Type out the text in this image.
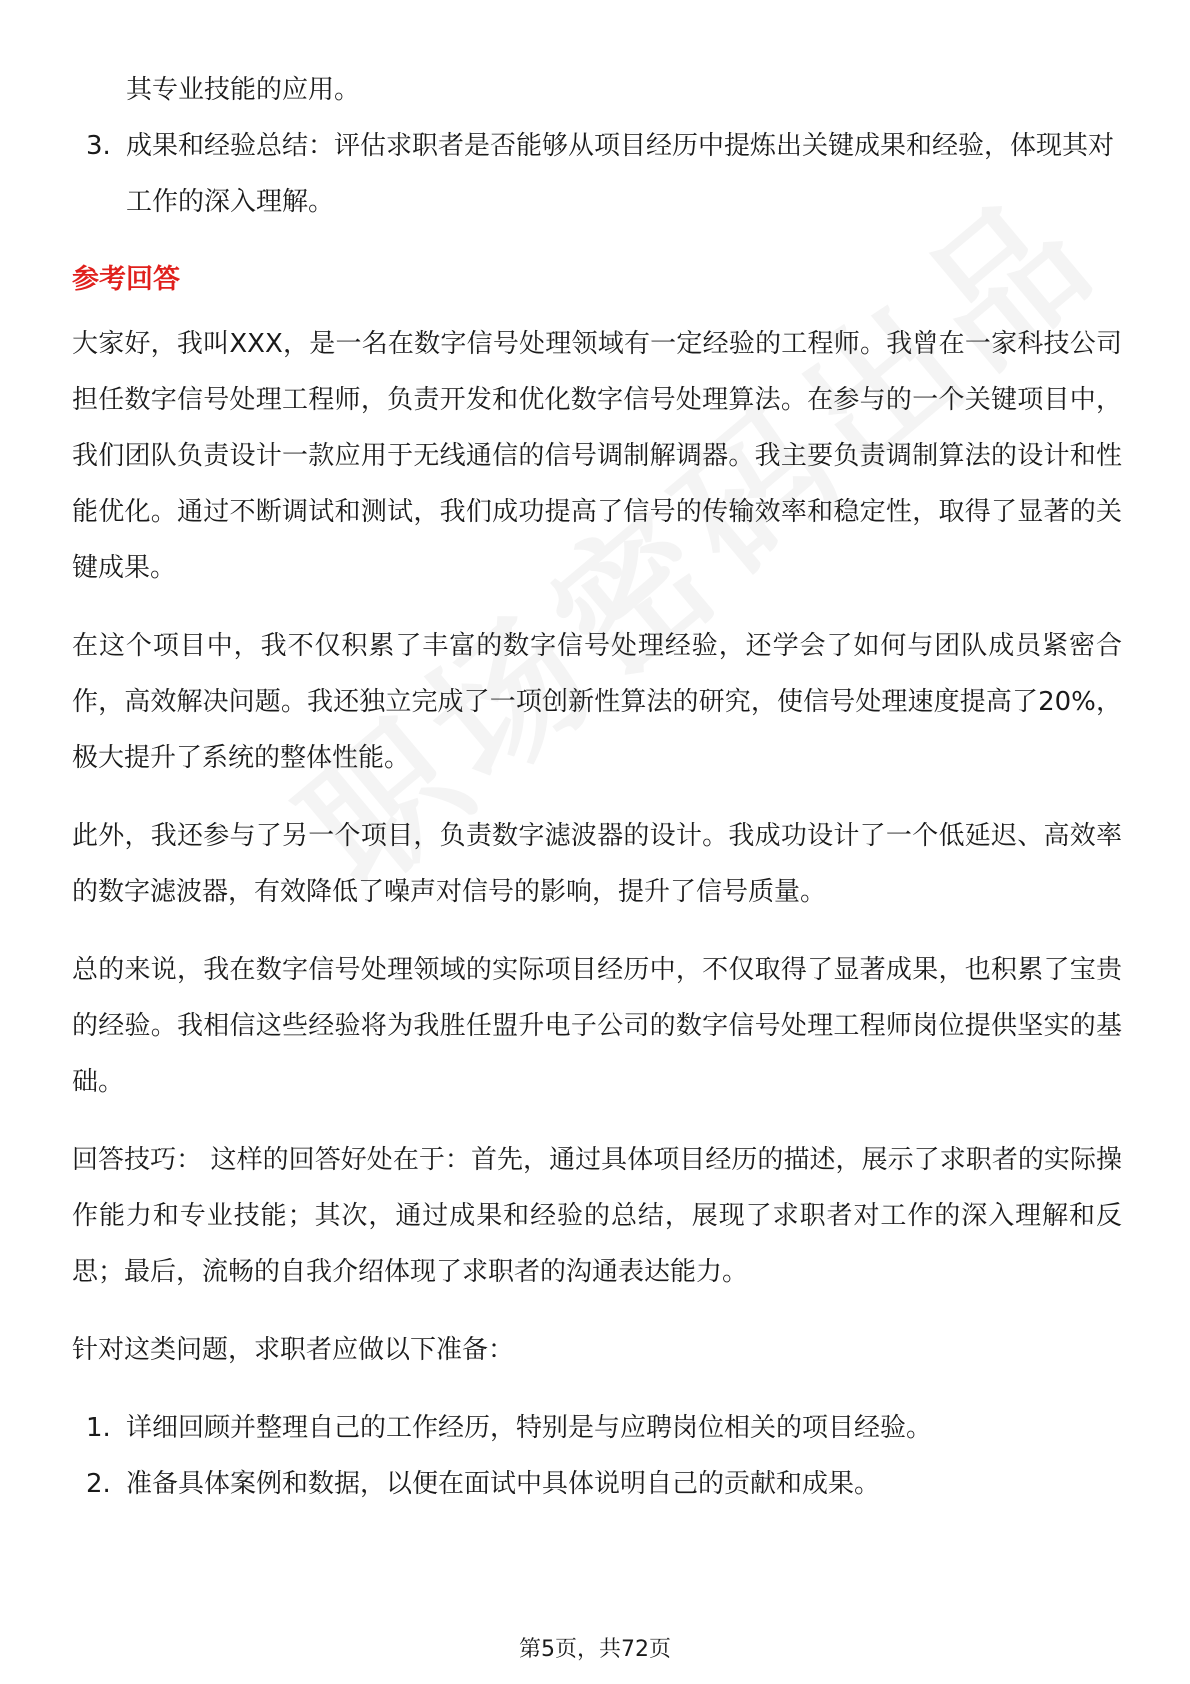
其专业技能的应用。
3. 成果和经验总结：评估求职者是否能够从项目经历中提炼出关键成果和经验，体现其对工作的深入理解。
参考回答

大家好，我叫XXX，是一名在数字信号处理领域有一定经验的工程师。我曾在一家科技公司担任数字信号处理工程师，负责开发和优化数字信号处理算法。在参与的一个关键项目中，我们团队负责设计一款应用于无线通信的信号调制解调器。我主要负责调制算法的设计和性能优化。通过不断调试和测试，我们成功提高了信号的传输效率和稳定性，取得了显著的关键成果。

在这个项目中，我不仅积累了丰富的数字信号处理经验，还学会了如何与团队成员紧密合作，高效解决问题。我还独立完成了一项创新性算法的研究，使信号处理速度提高了20%，极大提升了系统的整体性能。

此外，我还参与了另一个项目，负责数字滤波器的设计。我成功设计了一个低延迟、高效率的数字滤波器，有效降低了噪声对信号的影响，提升了信号质量。

总的来说，我在数字信号处理领域的实际项目经历中，不仅取得了显著成果，也积累了宝贵的经验。我相信这些经验将为我胜任盟升电子公司的数字信号处理工程师岗位提供坚实的基础。

回答技巧： 这样的回答好处在于：首先，通过具体项目经历的描述，展示了求职者的实际操作能力和专业技能；其次，通过成果和经验的总结，展现了求职者对工作的深入理解和反思；最后，流畅的自我介绍体现了求职者的沟通表达能力。

针对这类问题，求职者应做以下准备：

1. 详细回顾并整理自己的工作经历，特别是与应聘岗位相关的项目经验。
2. 准备具体案例和数据，以便在面试中具体说明自己的贡献和成果。
第5页，共72页
